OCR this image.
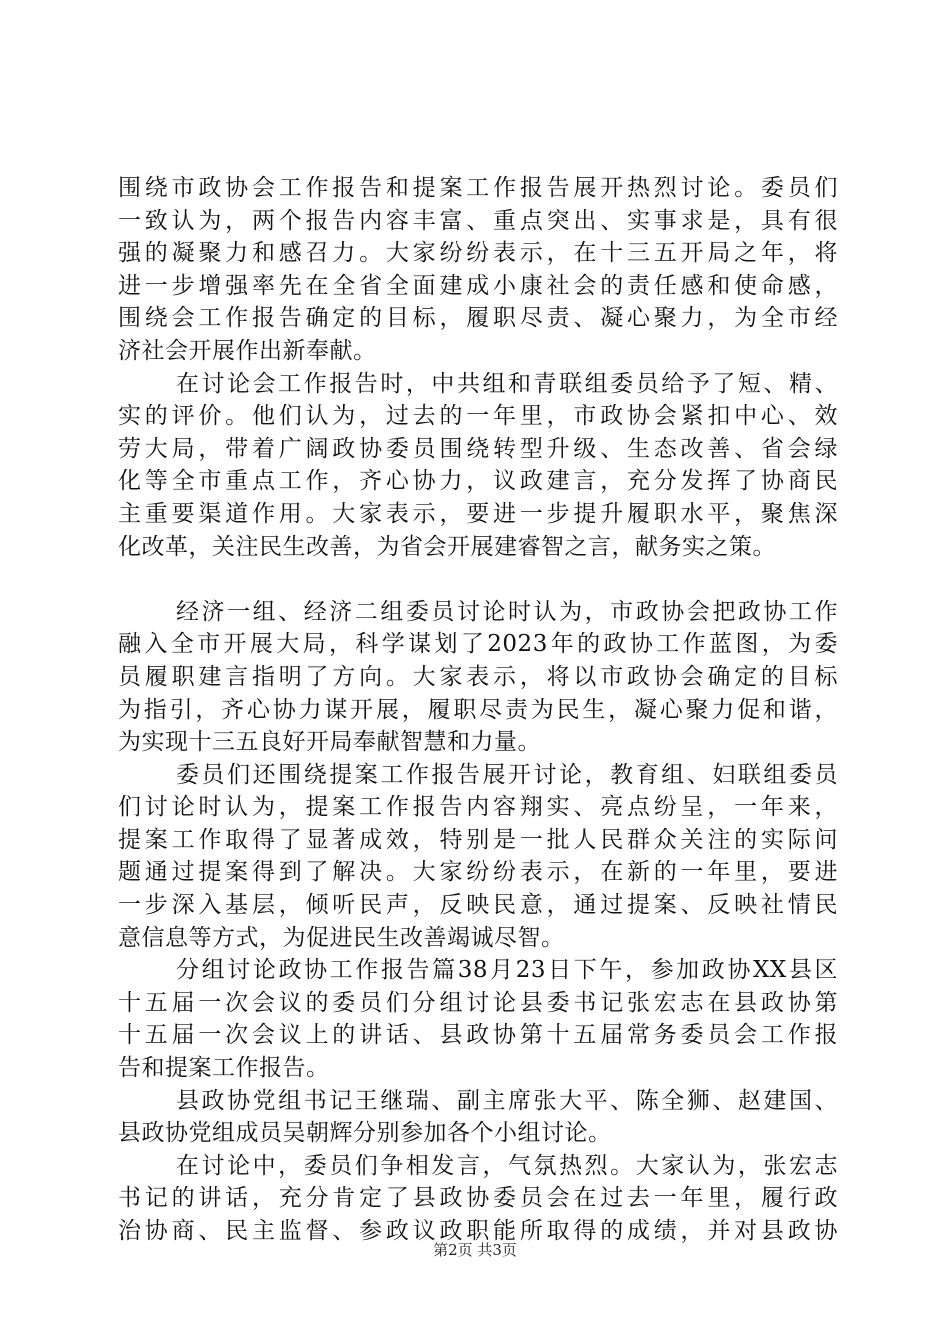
围绕市政协会工作报告和提案工作报告展开热烈讨论。委员们
一致认为，两个报告内容丰富、重点突出、实事求是，具有很
强的凝聚力和感召力。大家纷纷表示，在十三五开局之年，将
进一步增强率先在全省全面建成小康社会的责任感和使命感，
围绕会工作报告确定的目标，履职尽责、凝心聚力，为全市经
济社会开展作出新奉献。
在讨论会工作报告时，中共组和青联组委员给予了短、精、
实的评价。他们认为，过去的一年里，市政协会紧扣中心、效
劳大局，带着广阔政协委员围绕转型升级、生态改善、省会绿
化等全市重点工作，齐心协力，议政建言，充分发挥了协商民
主重要渠道作用。大家表示，要进一步提升履职水平，聚焦深
化改革，关注民生改善，为省会开展建睿智之言，献务实之策。
经济一组、经济二组委员讨论时认为，市政协会把政协工作
融入全市开展大局，科学谋划了2023年的政协工作蓝图，为委
员履职建言指明了方向。大家表示，将以市政协会确定的目标
为指引，齐心协力谋开展，履职尽责为民生，凝心聚力促和谐，
为实现十三五良好开局奉献智慧和力量。
委员们还围绕提案工作报告展开讨论，教育组、妇联组委员
们讨论时认为，提案工作报告内容翔实、亮点纷呈，一年来，
提案工作取得了显著成效，特别是一批人民群众关注的实际问
题通过提案得到了解决。大家纷纷表示，在新的一年里，要进
一步深入基层，倾听民声，反映民意，通过提案、反映社情民
意信息等方式，为促进民生改善竭诚尽智。
分组讨论政协工作报告篇38月23日下午，参加政协XX县区
十五届一次会议的委员们分组讨论县委书记张宏志在县政协第
十五届一次会议上的讲话、县政协第十五届常务委员会工作报
告和提案工作报告。
县政协党组书记王继瑞、副主席张大平、陈全狮、赵建国、
县政协党组成员吴朝辉分别参加各个小组讨论。
在讨论中，委员们争相发言，气氛热烈。大家认为，张宏志
书记的讲话，充分肯定了县政协委员会在过去一年里，履行政
治协商、民主监督、参政议政职能所取得的成绩，并对县政协
第2页 共3页
